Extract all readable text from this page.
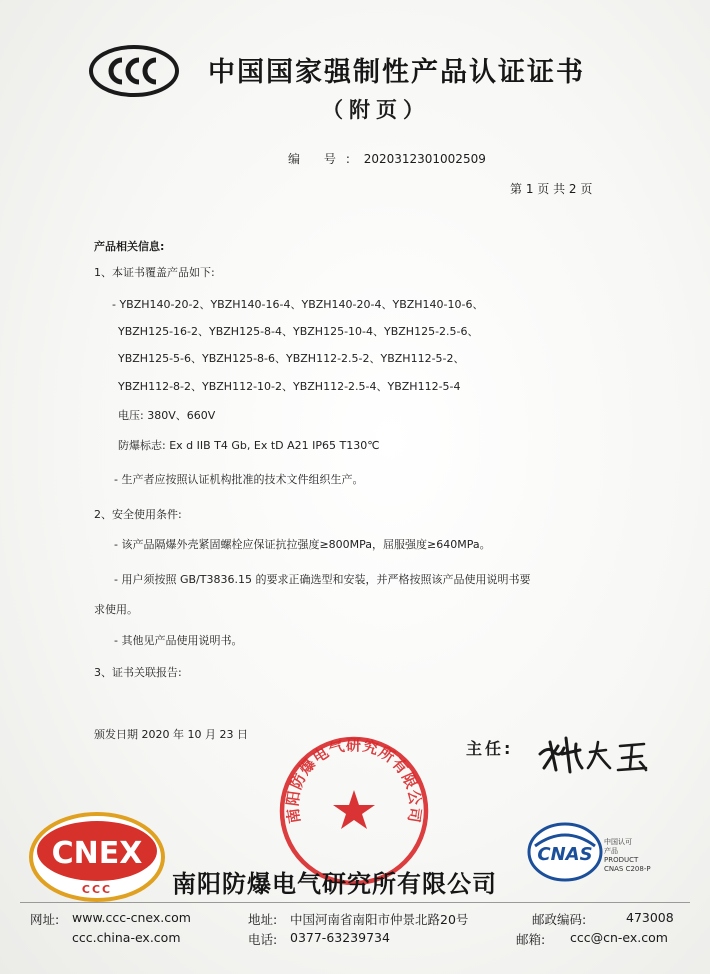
中国国家强制性产品认证证书
（附页）
编 号: 2020312301002509
第 1 页 共 2 页
产品相关信息:
1、本证书覆盖产品如下:
- YBZH140-20-2、YBZH140-16-4、YBZH140-20-4、YBZH140-10-6、
YBZH125-16-2、YBZH125-8-4、YBZH125-10-4、YBZH125-2.5-6、
YBZH125-5-6、YBZH125-8-6、YBZH112-2.5-2、YBZH112-5-2、
YBZH112-8-2、YBZH112-10-2、YBZH112-2.5-4、YBZH112-5-4
电压: 380V、660V
防爆标志: Ex d IIB T4 Gb, Ex tD A21 IP65 T130℃
- 生产者应按照认证机构批准的技术文件组织生产。
2、安全使用条件:
- 该产品隔爆外壳紧固螺栓应保证抗拉强度≥800MPa，屈服强度≥640MPa。
- 用户须按照 GB/T3836.15 的要求正确选型和安装，并严格按照该产品使用说明书要
求使用。
- 其他见产品使用说明书。
3、证书关联报告:
颁发日期 2020 年 10 月 23 日
主任:
南阳防爆电气研究所有限公司
CNEX
CCC
CNAS
中国认可
产品
PRODUCT
CNAS C208-P
南阳防爆电气研究所有限公司
网址: www.ccc-cnex.com
ccc.china-ex.com
地址: 中国河南省南阳市仲景北路20号
电话: 0377-63239734
邮政编码:	473008
邮箱: ccc@cn-ex.com
